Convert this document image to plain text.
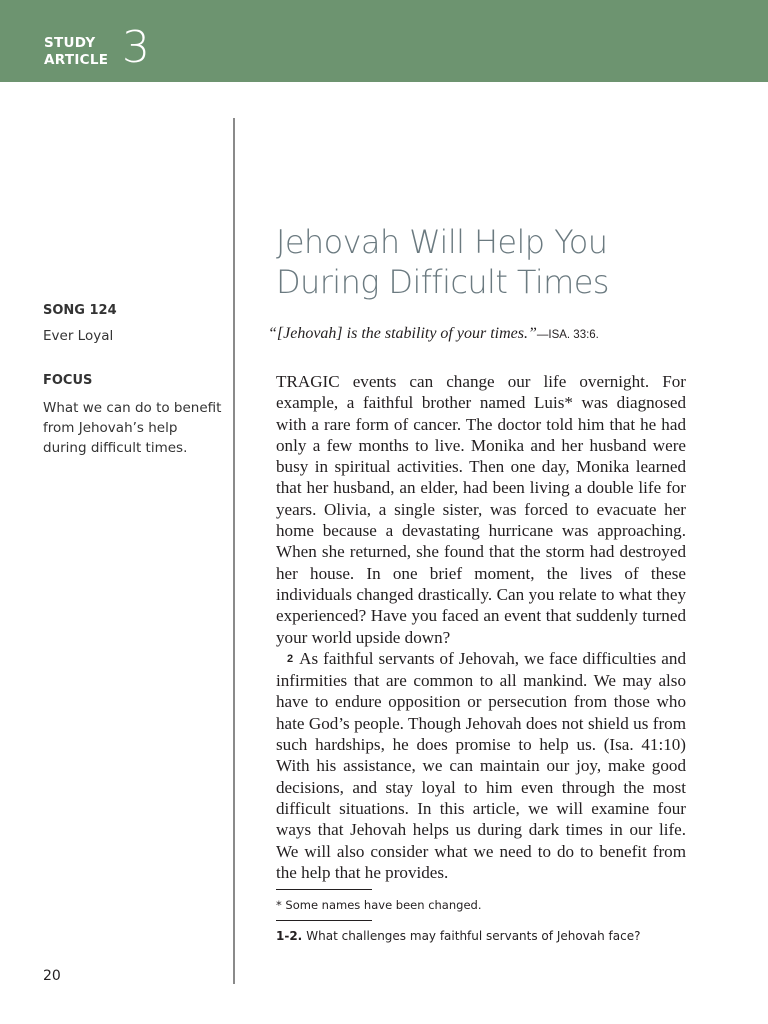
STUDY
ARTICLE 3
SONG 124
Ever Loyal
FOCUS
What we can do to benefit from Jehovah’s help during difficult times.
Jehovah Will Help You
During Difficult Times
“[Jehovah] is the stability of your times.”—ISA. 33:6.

TRAGIC events can change our life overnight. For example, a faithful brother named Luis* was diagnosed with a rare form of cancer. The doctor told him that he had only a few months to live. Monika and her husband were busy in spiritual activities. Then one day, Monika learned that her husband, an elder, had been living a double life for years. Olivia, a single sister, was forced to evacuate her home because a devastating hurricane was approaching. When she returned, she found that the storm had destroyed her house. In one brief moment, the lives of these individuals changed drastically. Can you relate to what they experienced? Have you faced an event that suddenly turned your world upside down?

2 As faithful servants of Jehovah, we face difficulties and infirmities that are common to all mankind. We may also have to endure opposition or persecution from those who hate God’s people. Though Jehovah does not shield us from such hardships, he does promise to help us. (Isa. 41:10) With his assistance, we can maintain our joy, make good decisions, and stay loyal to him even through the most difficult situations. In this article, we will examine four ways that Jehovah helps us during dark times in our life. We will also consider what we need to do to benefit from the help that he provides.

* Some names have been changed.
1-2. What challenges may faithful servants of Jehovah face?
20
